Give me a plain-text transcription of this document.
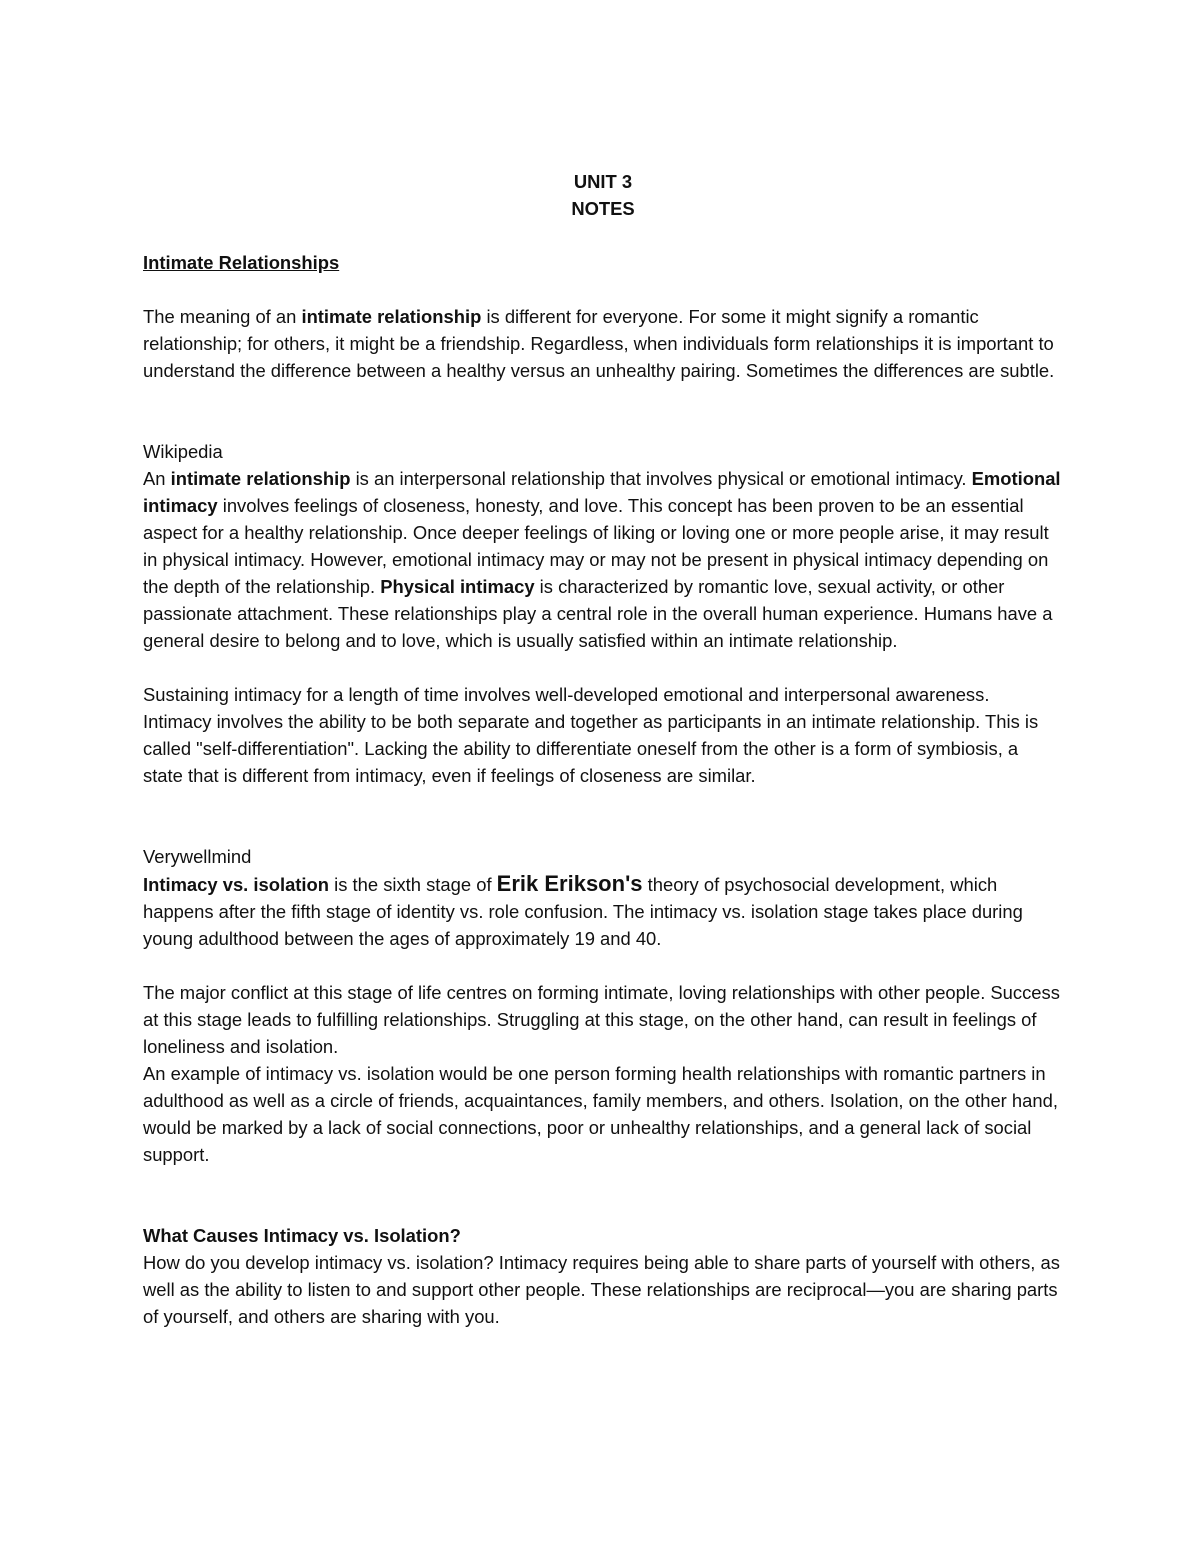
UNIT 3

NOTES

Intimate Relationships

The meaning of an intimate relationship is different for everyone. For some it might signify a romantic relationship; for others, it might be a friendship. Regardless, when individuals form relationships it is important to understand the difference between a healthy versus an unhealthy pairing. Sometimes the differences are subtle.

Wikipedia

An intimate relationship is an interpersonal relationship that involves physical or emotional intimacy. Emotional intimacy involves feelings of closeness, honesty, and love. This concept has been proven to be an essential aspect for a healthy relationship. Once deeper feelings of liking or loving one or more people arise, it may result in physical intimacy. However, emotional intimacy may or may not be present in physical intimacy depending on the depth of the relationship. Physical intimacy is characterized by romantic love, sexual activity, or other passionate attachment. These relationships play a central role in the overall human experience. Humans have a general desire to belong and to love, which is usually satisfied within an intimate relationship.

Sustaining intimacy for a length of time involves well-developed emotional and interpersonal awareness. Intimacy involves the ability to be both separate and together as participants in an intimate relationship. This is called "self-differentiation". Lacking the ability to differentiate oneself from the other is a form of symbiosis, a state that is different from intimacy, even if feelings of closeness are similar.

Verywellmind

Intimacy vs. isolation is the sixth stage of Erik Erikson's theory of psychosocial development, which happens after the fifth stage of identity vs. role confusion. The intimacy vs. isolation stage takes place during young adulthood between the ages of approximately 19 and 40.

The major conflict at this stage of life centres on forming intimate, loving relationships with other people. Success at this stage leads to fulfilling relationships. Struggling at this stage, on the other hand, can result in feelings of loneliness and isolation.

An example of intimacy vs. isolation would be one person forming health relationships with romantic partners in adulthood as well as a circle of friends, acquaintances, family members, and others. Isolation, on the other hand, would be marked by a lack of social connections, poor or unhealthy relationships, and a general lack of social support.

What Causes Intimacy vs. Isolation?

How do you develop intimacy vs. isolation? Intimacy requires being able to share parts of yourself with others, as well as the ability to listen to and support other people. These relationships are reciprocal—you are sharing parts of yourself, and others are sharing with you.
